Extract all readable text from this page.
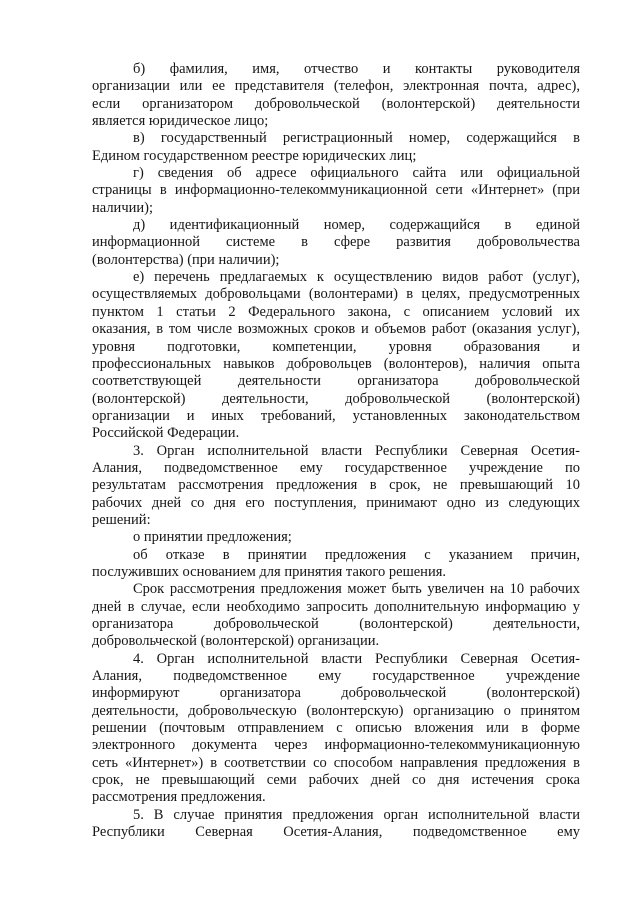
б) фамилия, имя, отчество и контакты руководителя
организации или ее представителя (телефон, электронная почта, адрес),
если организатором добровольческой (волонтерской) деятельности
является юридическое лицо;
в) государственный регистрационный номер, содержащийся в
Едином государственном реестре юридических лиц;
г) сведения об адресе официального сайта или официальной
страницы в информационно-телекоммуникационной сети «Интернет» (при
наличии);
д) идентификационный номер, содержащийся в единой
информационной системе в сфере развития добровольчества
(волонтерства) (при наличии);
е) перечень предлагаемых к осуществлению видов работ (услуг),
осуществляемых добровольцами (волонтерами) в целях, предусмотренных
пунктом 1 статьи 2 Федерального закона, с описанием условий их
оказания, в том числе возможных сроков и объемов работ (оказания услуг),
уровня подготовки, компетенции, уровня образования и
профессиональных навыков добровольцев (волонтеров), наличия опыта
соответствующей деятельности организатора добровольческой
(волонтерской) деятельности, добровольческой (волонтерской)
организации и иных требований, установленных законодательством
Российской Федерации.
3. Орган исполнительной власти Республики Северная Осетия-
Алания, подведомственное ему государственное учреждение по
результатам рассмотрения предложения в срок, не превышающий 10
рабочих дней со дня его поступления, принимают одно из следующих
решений:
о принятии предложения;
об отказе в принятии предложения с указанием причин,
послуживших основанием для принятия такого решения.
Срок рассмотрения предложения может быть увеличен на 10 рабочих
дней в случае, если необходимо запросить дополнительную информацию у
организатора добровольческой (волонтерской) деятельности,
добровольческой (волонтерской) организации.
4. Орган исполнительной власти Республики Северная Осетия-
Алания, подведомственное ему государственное учреждение
информируют организатора добровольческой (волонтерской)
деятельности, добровольческую (волонтерскую) организацию о принятом
решении (почтовым отправлением с описью вложения или в форме
электронного документа через информационно-телекоммуникационную
сеть «Интернет») в соответствии со способом направления предложения в
срок, не превышающий семи рабочих дней со дня истечения срока
рассмотрения предложения.
5. В случае принятия предложения орган исполнительной власти
Республики Северная Осетия-Алания, подведомственное ему
